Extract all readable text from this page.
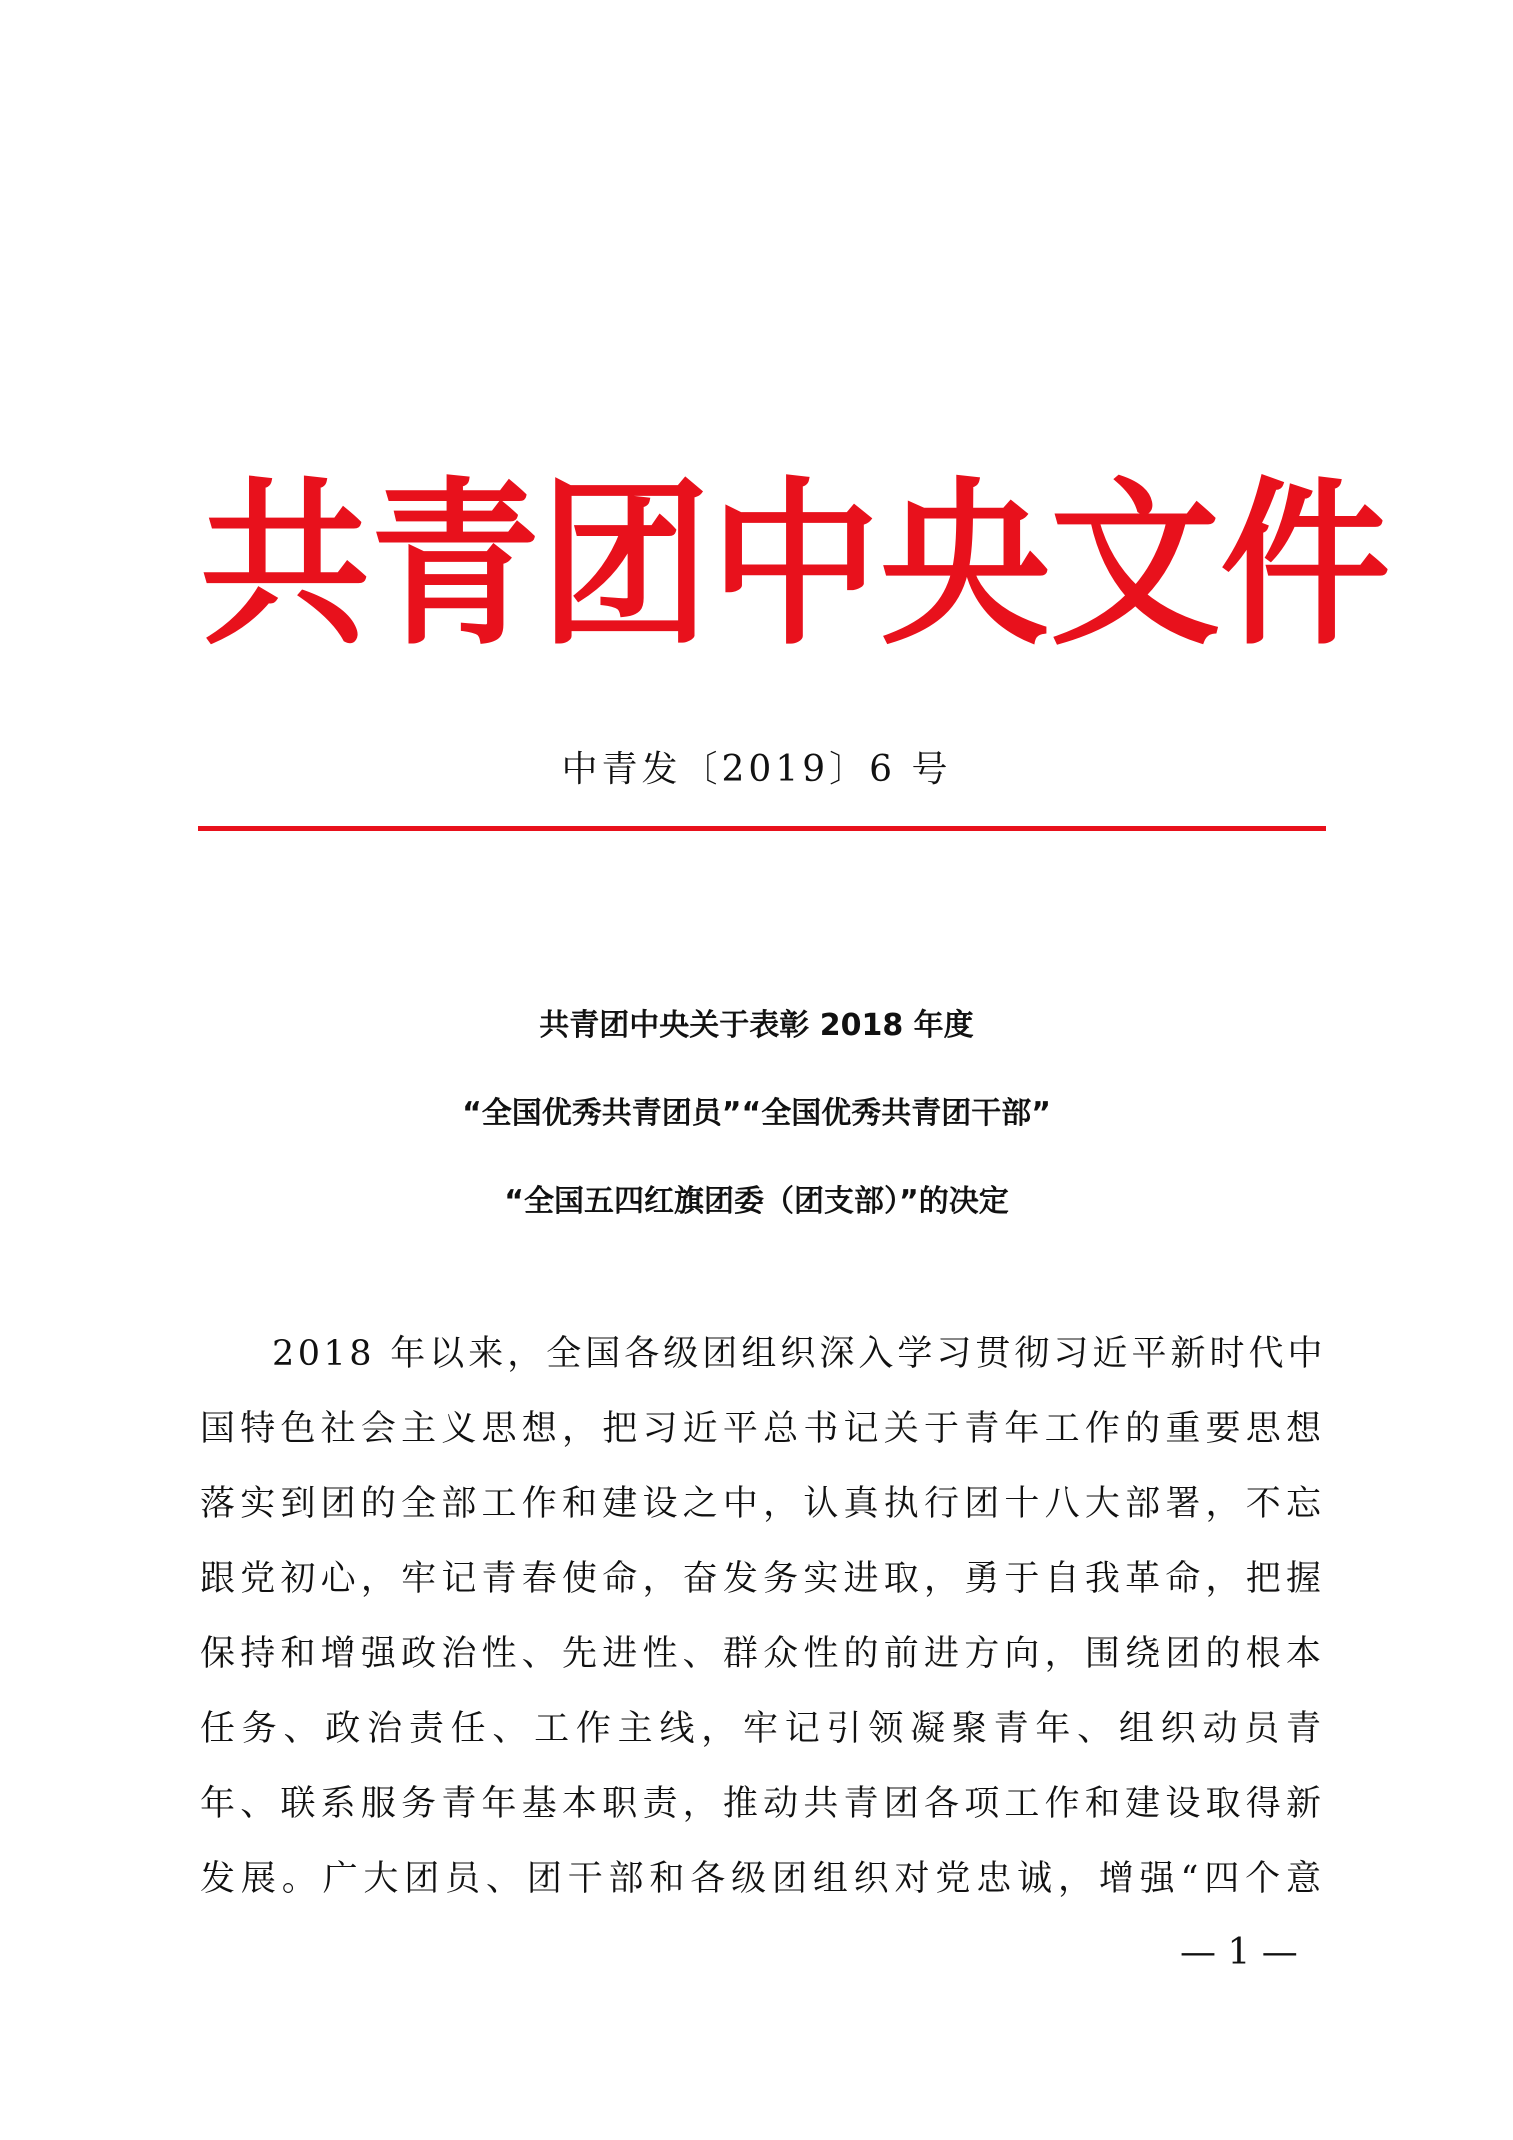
共 青 团 中 央 文 件
中青发〔2019〕6 号
共青团中央关于表彰 2018 年度
“全国优秀共青团员”“全国优秀共青团干部”
“全国五四红旗团委（团支部）”的决定
2018 年以来，全国各级团组织深入学习贯彻习近平新时代中
国特色社会主义思想，把习近平总书记关于青年工作的重要思想
落实到团的全部工作和建设之中，认真执行团十八大部署，不忘
跟党初心，牢记青春使命，奋发务实进取，勇于自我革命，把握
保持和增强政治性、先进性、群众性的前进方向，围绕团的根本
任务、政治责任、工作主线，牢记引领凝聚青年、组织动员青
年、联系服务青年基本职责，推动共青团各项工作和建设取得新
发展。广大团员、团干部和各级团组织对党忠诚，增强“四个意
— 1 —
